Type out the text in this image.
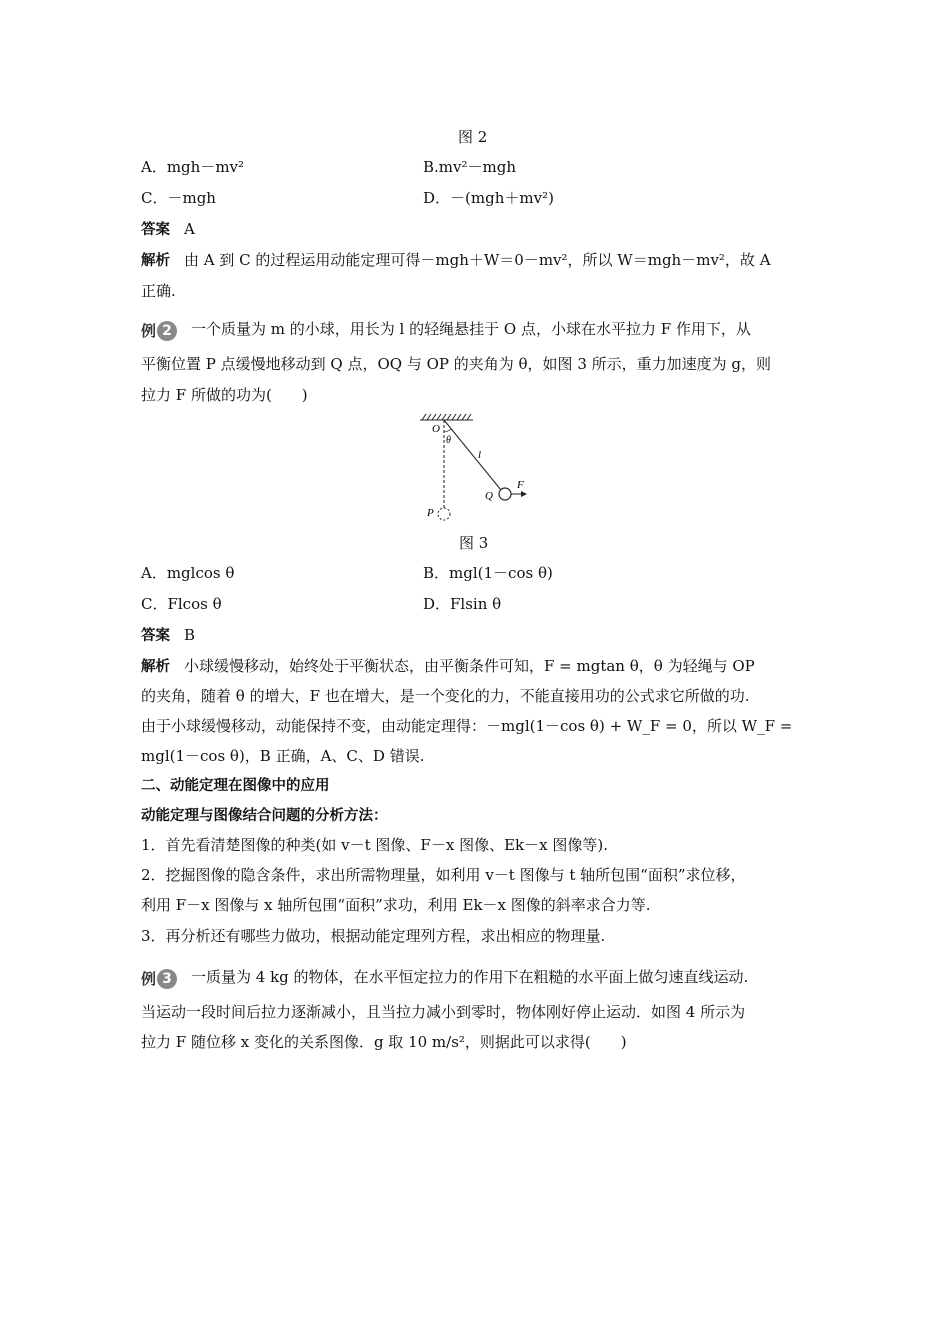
图 2
A．mgh－mv²	B.mv²－mgh
C．－mgh	D．－(mgh＋mv²)
答案 A
解析 由 A 到 C 的过程运用动能定理可得－mgh＋W＝0－mv²，所以 W＝mgh－mv²，故 A
正确.
例 2 一个质量为 m 的小球，用长为 l 的轻绳悬挂于 O 点，小球在水平拉力 F 作用下，从
平衡位置 P 点缓慢地移动到 Q 点，OQ 与 OP 的夹角为 θ，如图 3 所示，重力加速度为 g，则
拉力 F 所做的功为(　　)
O
θ
l
Q
F
P
图 3
A．mglcos θ	B．mgl(1－cos θ)
C．Flcos θ	D．Flsin θ
答案 B
解析 小球缓慢移动，始终处于平衡状态，由平衡条件可知，F = mgtan θ，θ 为轻绳与 OP
的夹角，随着 θ 的增大，F 也在增大，是一个变化的力，不能直接用功的公式求它所做的功.
由于小球缓慢移动，动能保持不变，由动能定理得：－mgl(1－cos θ) + W_F = 0，所以 W_F =
mgl(1－cos θ)，B 正确，A、C、D 错误.
二、动能定理在图像中的应用
动能定理与图像结合问题的分析方法：
1．首先看清楚图像的种类(如 v－t 图像、F－x 图像、Ek－x 图像等).
2．挖掘图像的隐含条件，求出所需物理量，如利用 v－t 图像与 t 轴所包围“面积”求位移，
利用 F－x 图像与 x 轴所包围“面积”求功，利用 Ek－x 图像的斜率求合力等.
3．再分析还有哪些力做功，根据动能定理列方程，求出相应的物理量.
例 3 一质量为 4 kg 的物体，在水平恒定拉力的作用下在粗糙的水平面上做匀速直线运动.
当运动一段时间后拉力逐渐减小，且当拉力减小到零时，物体刚好停止运动．如图 4 所示为
拉力 F 随位移 x 变化的关系图像．g 取 10 m/s²，则据此可以求得(　　)
